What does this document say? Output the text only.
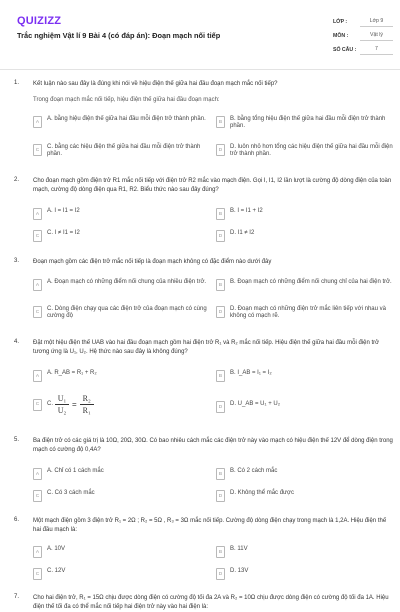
QUIZIZZ
Trắc nghiệm Vật lí 9 Bài 4 (có đáp án): Đoạn mạch nối tiếp
LỚP :	Lớp 9
MÔN :	Vật lý
SỐ CÂU :	7
1. Kết luận nào sau đây là đúng khi nói về hiệu điện thế giữa hai đầu đoạn mạch mắc nối tiếp?
Trong đoạn mạch mắc nối tiếp, hiệu điện thế giữa hai đầu đoạn mạch:
A	A. bằng hiệu điện thế giữa hai đầu mỗi điện trở thành phần.	B	B. bằng tổng hiệu điện thế giữa hai đầu mỗi điện trở thành phần.
C	C. bằng các hiệu điện thế giữa hai đầu mỗi điện trở thành phần.
D	D. luôn nhỏ hơn tổng các hiệu điện thế giữa hai đầu mỗi điện trở thành phần.
2. Cho đoạn mạch gồm điện trở R1 mắc nối tiếp với điện trở R2 mắc vào mạch điện. Gọi I, I1, I2 lần lượt là cường độ dòng điện của toàn mạch, cường độ dòng điện qua R1, R2. Biểu thức nào sau đây đúng?
A	A. I = I1 = I2	B	B. I = I1 + I2
C	C. I ≠ I1 = I2	D	D. I1 ≠ I2
3. Đoạn mạch gồm các điện trở mắc nối tiếp là đoạn mạch không có đặc điểm nào dưới đây
A	A. Đoạn mạch có những điểm nối chung của nhiều điện trở.	B	B. Đoạn mạch có những điểm nối chung chỉ của hai điện trở.
C	C. Dòng điện chạy qua các điện trở của đoạn mạch có cùng cường độ
D	D. Đoạn mạch có những điện trở mắc liên tiếp với nhau và không có mạch rẽ.
4. Đặt một hiệu điện thế UAB vào hai đầu đoạn mạch gồm hai điện trở R₁ và R₂ mắc nối tiếp. Hiệu điện thế giữa hai đầu mỗi điện trở tương ứng là U₁, U₂. Hệ thức nào sau đây là không đúng?
A	A. R_AB = R₁ + R₂	B	B. I_AB = I₁ = I₂
C	C. $\frac{\text{U₁}}{\text{U₂}} = \frac{\text{R₂}}{\text{R₁}}$	D	D. U_AB = U₁ + U₂
5. Ba điện trở có các giá trị là 10Ω, 20Ω, 30Ω. Có bao nhiêu cách mắc các điện trở này vào mạch có hiệu điện thế 12V để dòng điện trong mạch có cường độ 0,4A?
A	A. Chỉ có 1 cách mắc	B	B. Có 2 cách mắc
C	C. Có 3 cách mắc	D	D. Không thể mắc được
6. Một mạch điện gồm 3 điện trở R₁ = 2Ω ; R₂ = 5Ω , R₃ = 3Ω mắc nối tiếp. Cường độ dòng điện chạy trong mạch là 1,2A. Hiệu điện thế hai đầu mạch là:
A	A. 10V	B	B. 11V
C	C. 12V	D	D. 13V
7. Cho hai điện trở, R₁ = 15Ω chịu được dòng điện có cường độ tối đa 2A và R₂ = 10Ω chịu được dòng điện có cường độ tối đa 1A. Hiệu điện thế tối đa có thể mắc nối tiếp hai điện trở này vào hai điện là:
